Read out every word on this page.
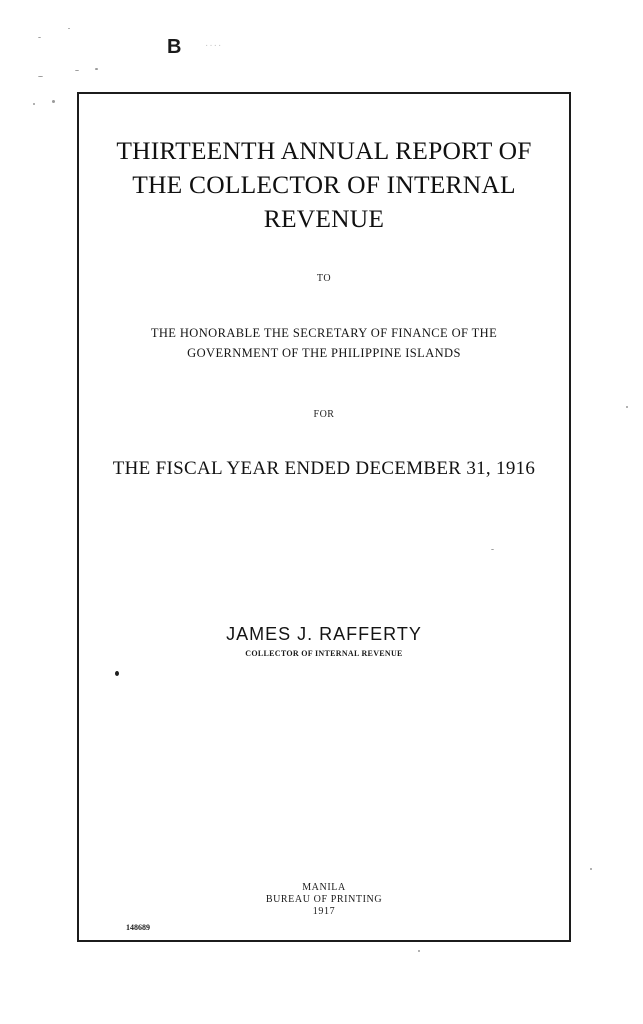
B ····
THIRTEENTH ANNUAL REPORT OF
THE COLLECTOR OF INTERNAL
REVENUE
TO
THE HONORABLE THE SECRETARY OF FINANCE OF THE
GOVERNMENT OF THE PHILIPPINE ISLANDS
FOR
THE FISCAL YEAR ENDED DECEMBER 31, 1916
JAMES J. RAFFERTY
COLLECTOR OF INTERNAL REVENUE
MANILA
BUREAU OF PRINTING
1917
148689
